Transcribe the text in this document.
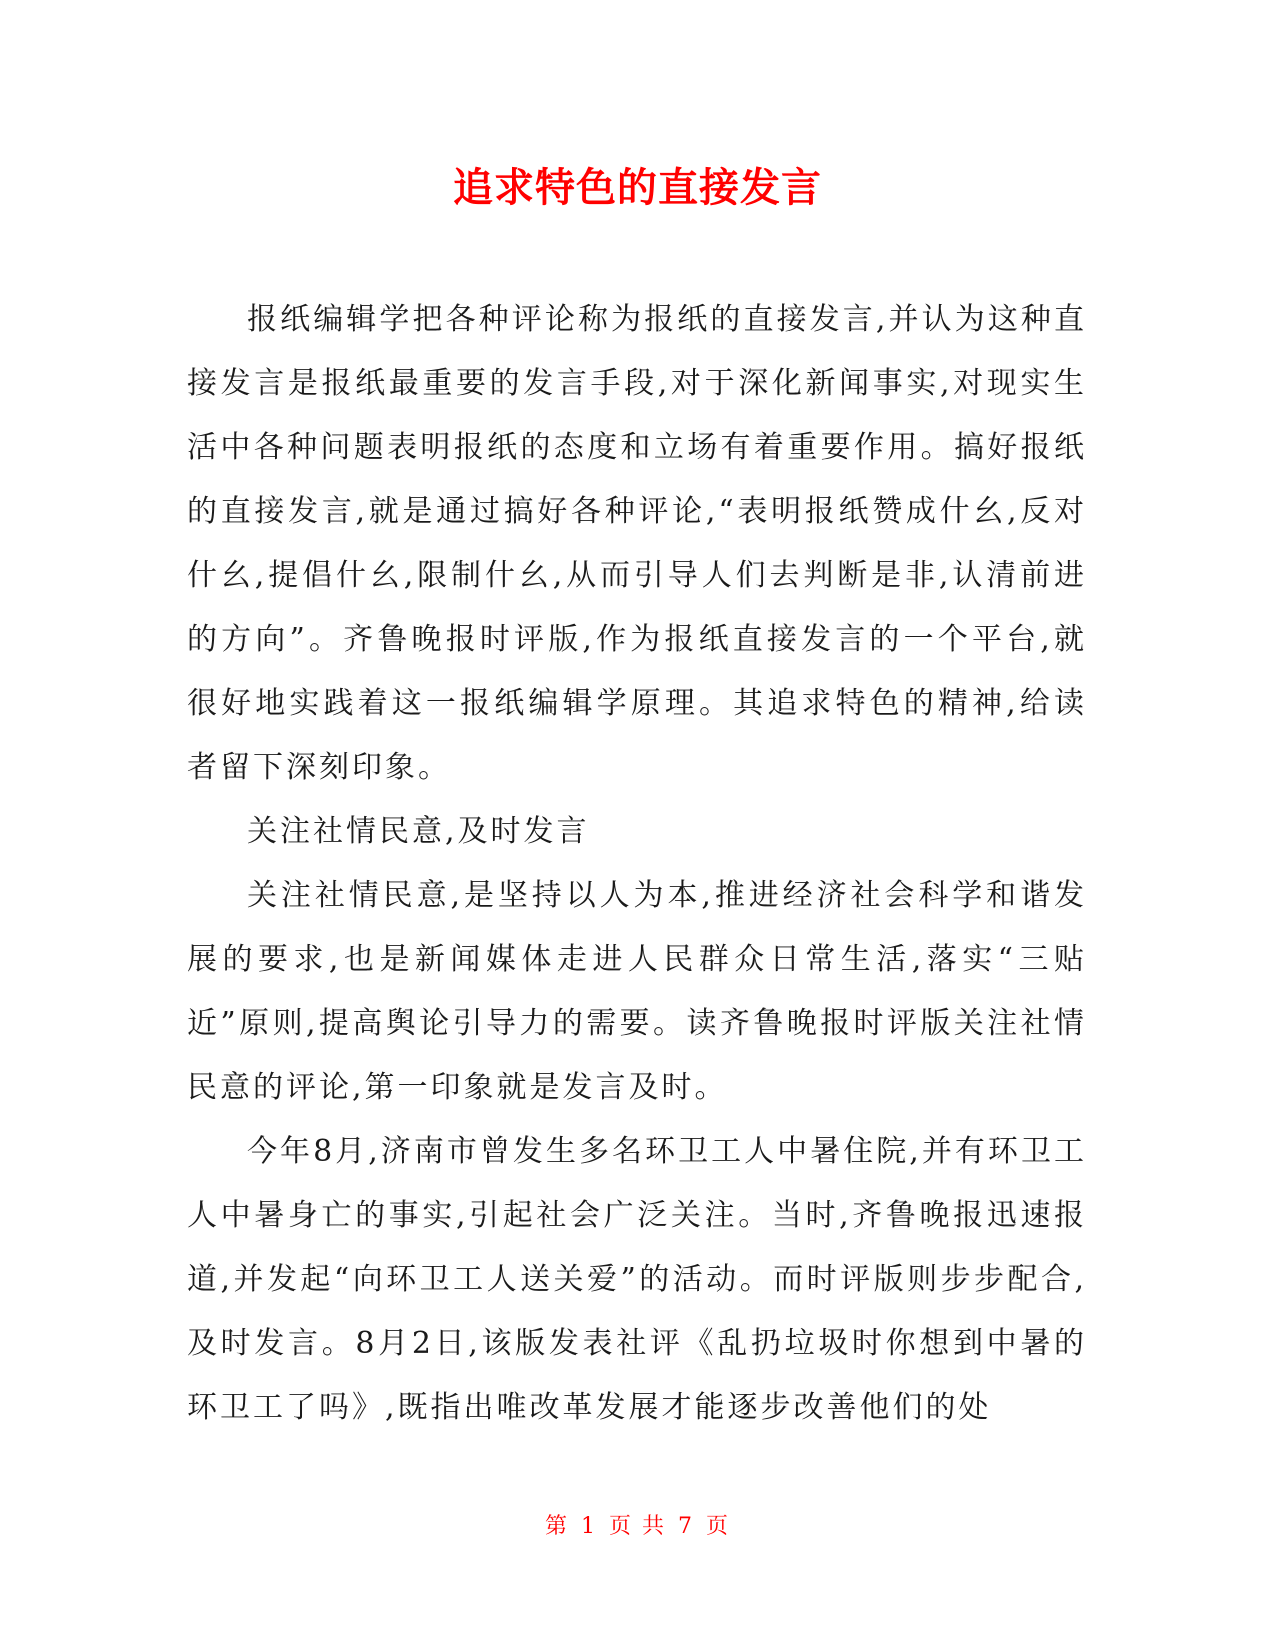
追求特色的直接发言

报纸编辑学把各种评论称为报纸的直接发言,并认为这种直接发言是报纸最重要的发言手段,对于深化新闻事实,对现实生活中各种问题表明报纸的态度和立场有着重要作用。搞好报纸的直接发言,就是通过搞好各种评论,“表明报纸赞成什幺,反对什幺,提倡什幺,限制什幺,从而引导人们去判断是非,认清前进的方向”。齐鲁晚报时评版,作为报纸直接发言的一个平台,就很好地实践着这一报纸编辑学原理。其追求特色的精神,给读者留下深刻印象。

关注社情民意,及时发言

关注社情民意,是坚持以人为本,推进经济社会科学和谐发展的要求,也是新闻媒体走进人民群众日常生活,落实“三贴近”原则,提高舆论引导力的需要。读齐鲁晚报时评版关注社情民意的评论,第一印象就是发言及时。

今年8月,济南市曾发生多名环卫工人中暑住院,并有环卫工人中暑身亡的事实,引起社会广泛关注。当时,齐鲁晚报迅速报道,并发起“向环卫工人送关爱”的活动。而时评版则步步配合,及时发言。8月2日,该版发表社评《乱扔垃圾时你想到中暑的环卫工了吗》,既指出唯改革发展才能逐步改善他们的处

第 1 页 共 7 页
